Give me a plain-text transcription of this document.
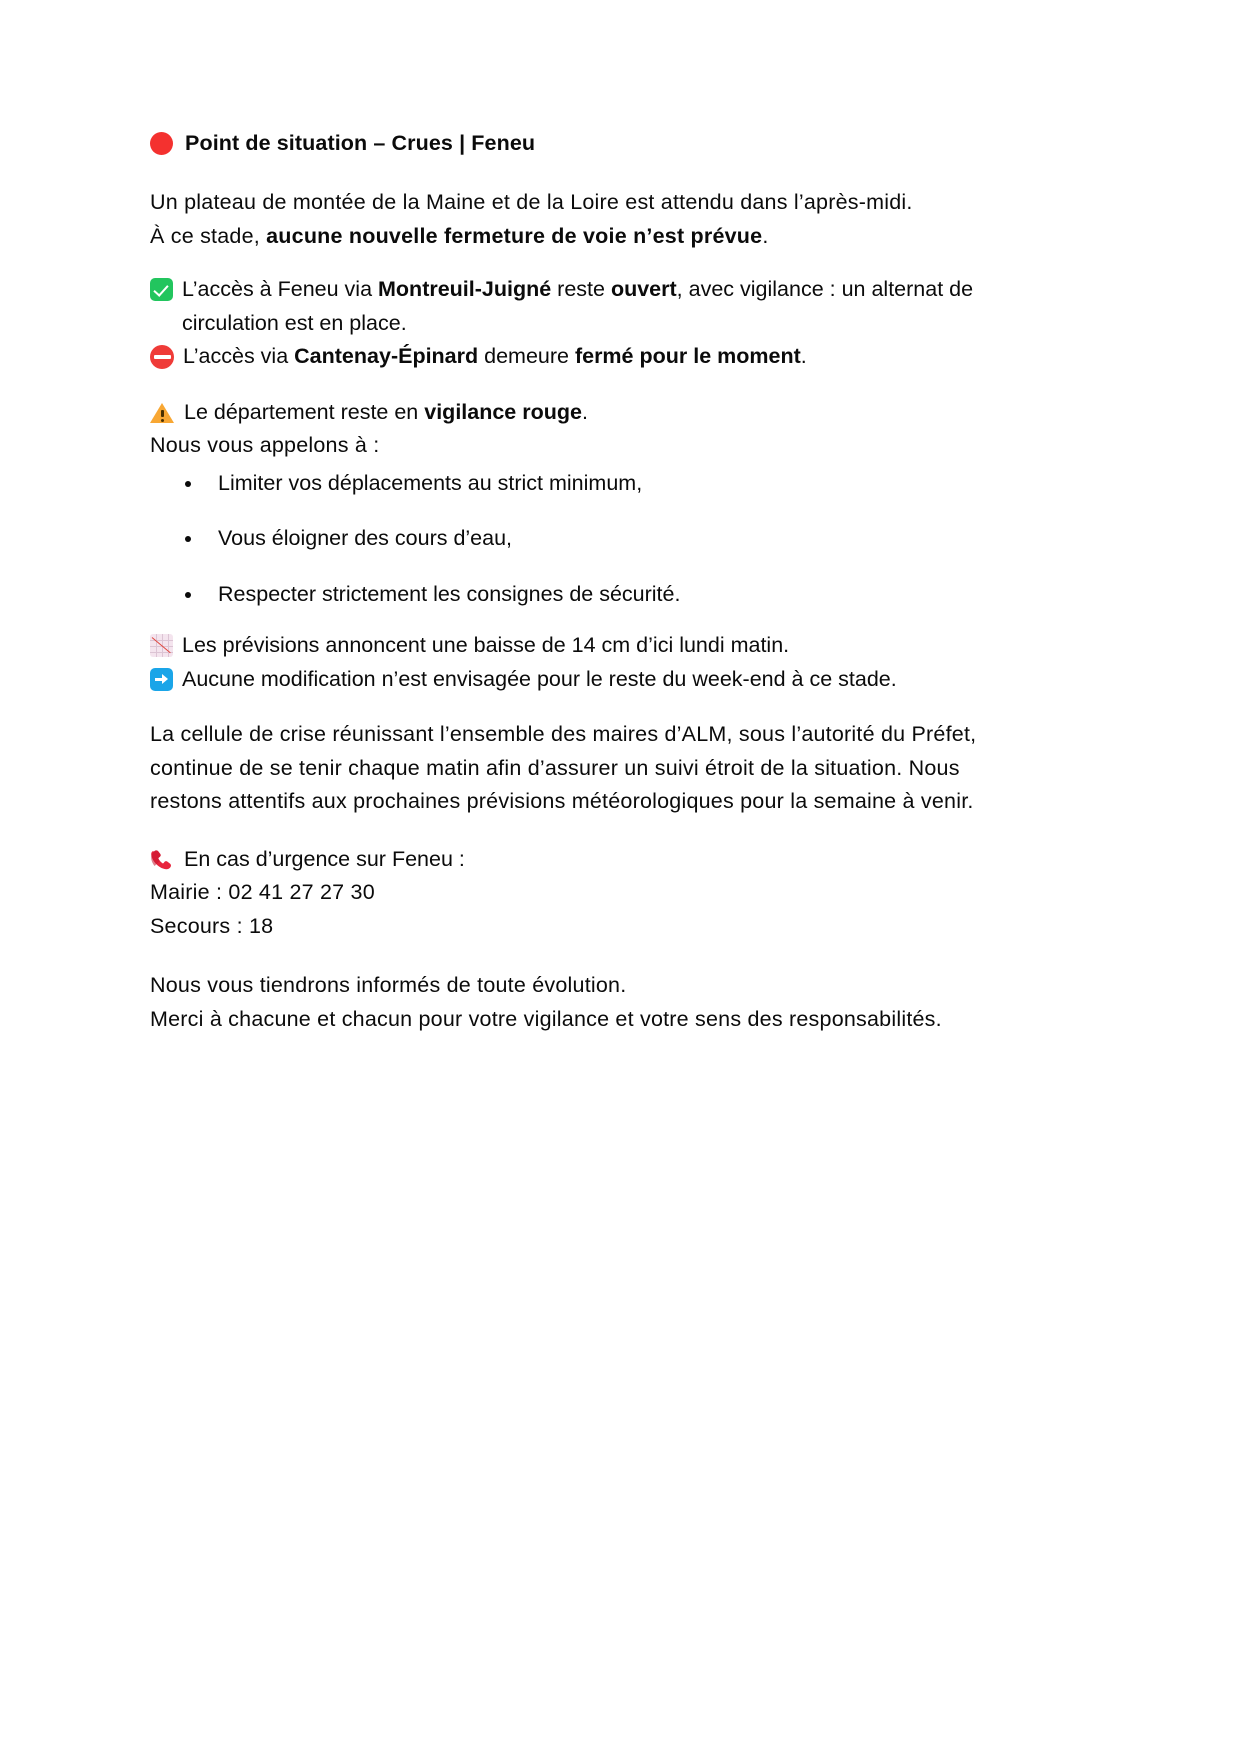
Point de situation – Crues | Feneu

Un plateau de montée de la Maine et de la Loire est attendu dans l’après-midi.
À ce stade, aucune nouvelle fermeture de voie n’est prévue.

L’accès à Feneu via Montreuil-Juigné reste ouvert, avec vigilance : un alternat de circulation est en place.
L’accès via Cantenay-Épinard demeure fermé pour le moment.
Le département reste en vigilance rouge.

Nous vous appelons à :

Limiter vos déplacements au strict minimum,
Vous éloigner des cours d’eau,
Respecter strictement les consignes de sécurité.
Les prévisions annoncent une baisse de 14 cm d’ici lundi matin.
Aucune modification n’est envisagée pour le reste du week-end à ce stade.

La cellule de crise réunissant l’ensemble des maires d’ALM, sous l’autorité du Préfet, continue de se tenir chaque matin afin d’assurer un suivi étroit de la situation. Nous restons attentifs aux prochaines prévisions météorologiques pour la semaine à venir.

En cas d’urgence sur Feneu :

Mairie : 02 41 27 27 30
Secours : 18

Nous vous tiendrons informés de toute évolution.
Merci à chacune et chacun pour votre vigilance et votre sens des responsabilités.
